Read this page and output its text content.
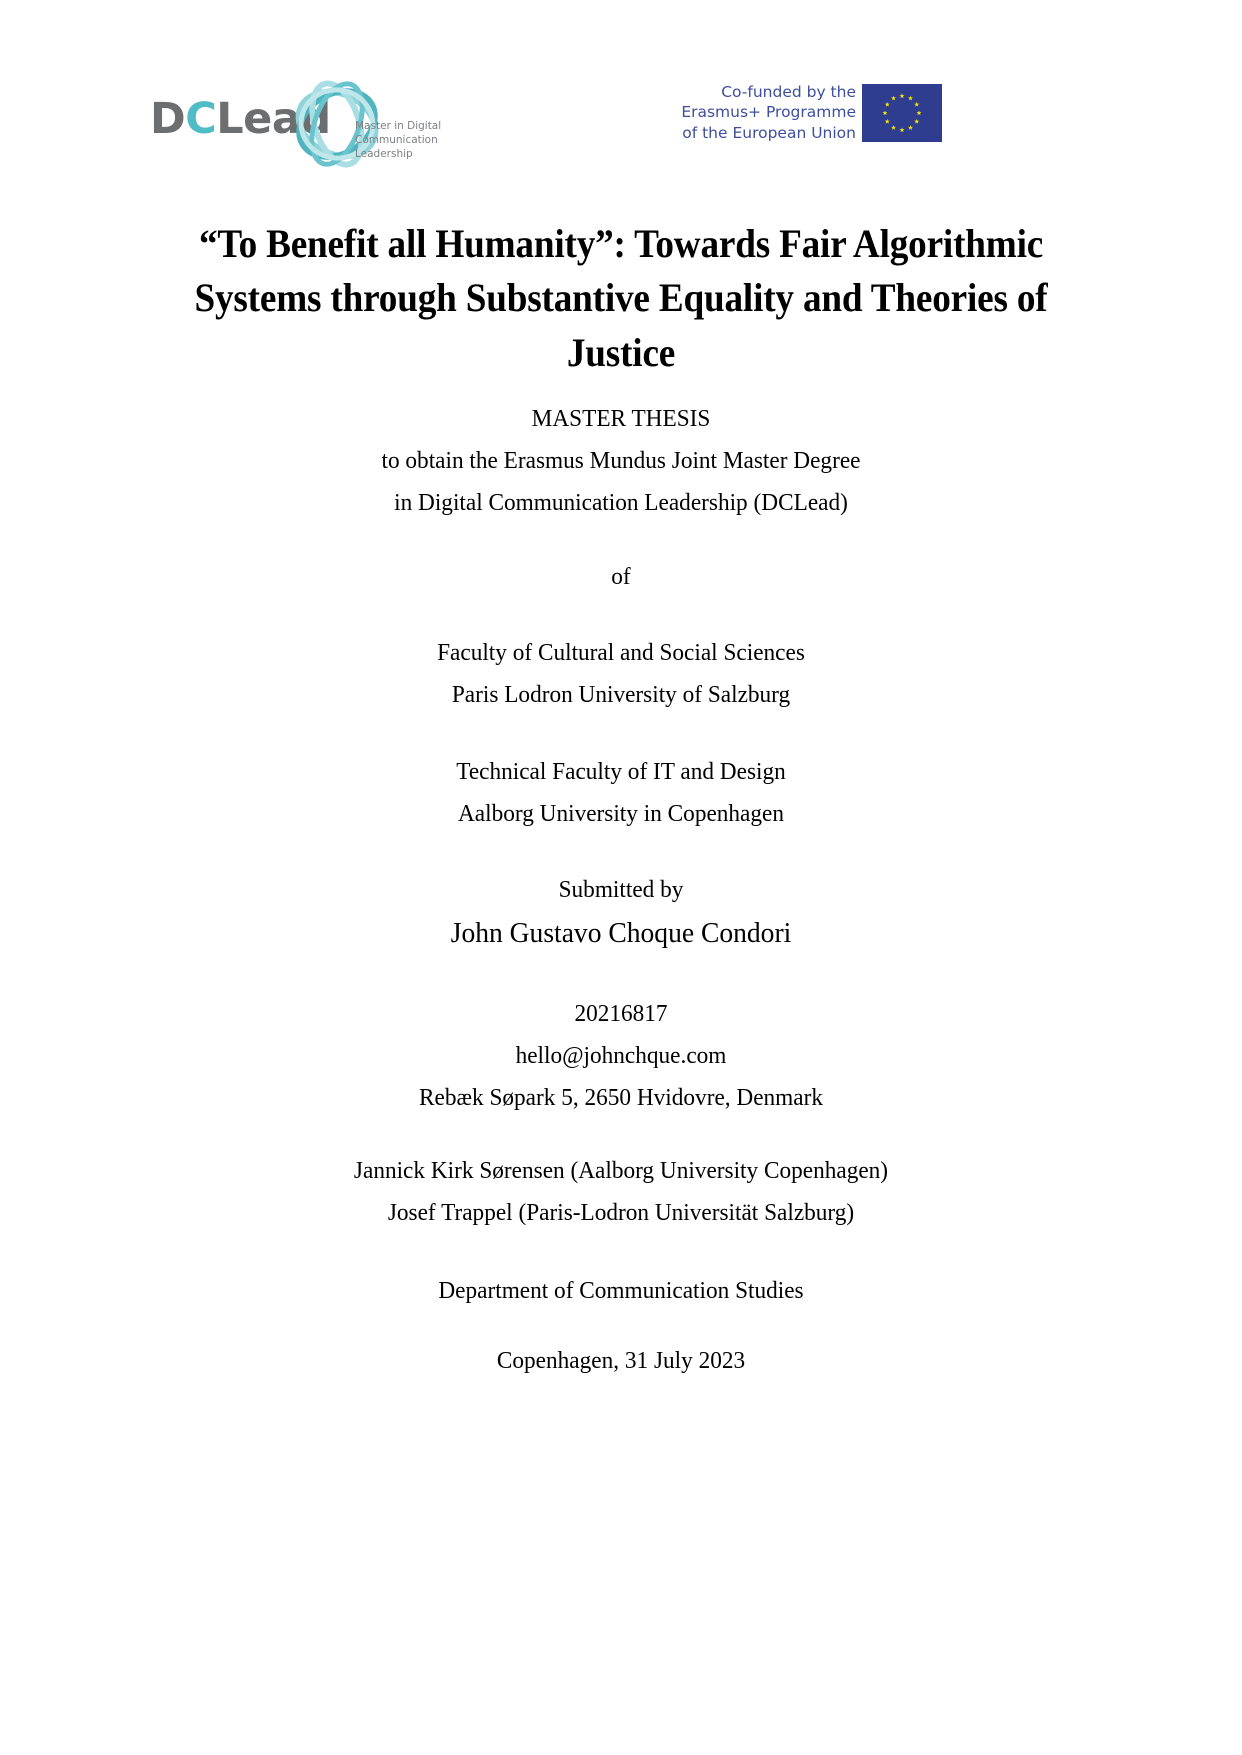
DCLead Master in Digital
Communication
Leadership
Co-funded by the
Erasmus+ Programme
of the European Union
“To Benefit all Humanity”: Towards Fair Algorithmic Systems through Substantive Equality and Theories of Justice
MASTER THESIS
to obtain the Erasmus Mundus Joint Master Degree
in Digital Communication Leadership (DCLead)
of
Faculty of Cultural and Social Sciences
Paris Lodron University of Salzburg
Technical Faculty of IT and Design
Aalborg University in Copenhagen
Submitted by
John Gustavo Choque Condori
20216817
hello@johnchque.com
Rebæk Søpark 5, 2650 Hvidovre, Denmark
Jannick Kirk Sørensen (Aalborg University Copenhagen)
Josef Trappel (Paris-Lodron Universität Salzburg)
Department of Communication Studies
Copenhagen, 31 July 2023
